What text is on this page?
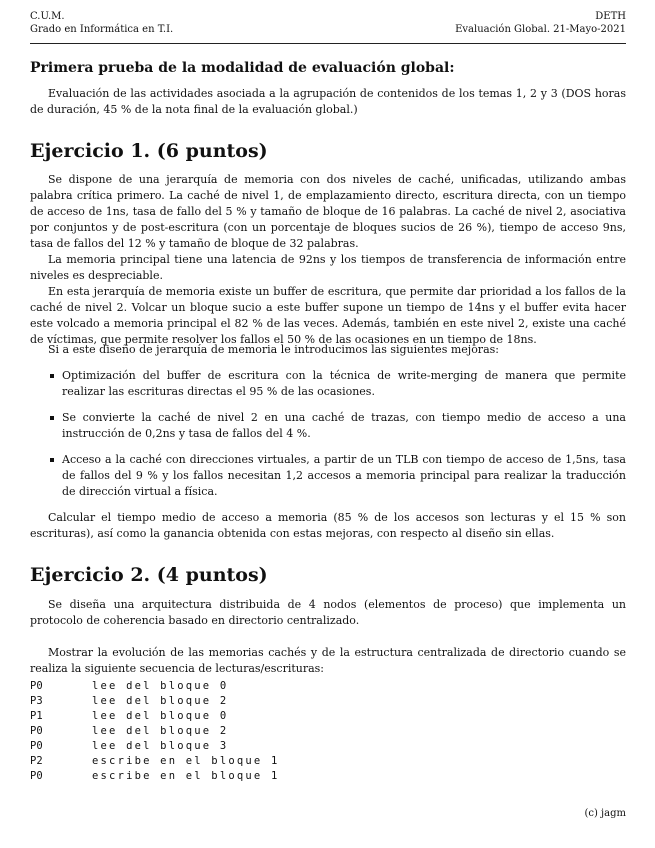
C.U.M.	DETH
Grado en Informática en T.I.	Evaluación Global. 21-Mayo-2021
Primera prueba de la modalidad de evaluación global:

Evaluación de las actividades asociada a la agrupación de contenidos de los temas 1, 2 y 3 (DOS horas de duración, 45 % de la nota final de la evaluación global.)

Ejercicio 1. (6 puntos)

Se dispone de una jerarquía de memoria con dos niveles de caché, unificadas, utilizando ambas palabra crítica primero. La caché de nivel 1, de emplazamiento directo, escritura directa, con un tiempo de acceso de 1ns, tasa de fallo del 5 % y tamaño de bloque de 16 palabras. La caché de nivel 2, asociativa por conjuntos y de post-escritura (con un porcentaje de bloques sucios de 26 %), tiempo de acceso 9ns, tasa de fallos del 12 % y tamaño de bloque de 32 palabras.

La memoria principal tiene una latencia de 92ns y los tiempos de transferencia de información entre niveles es despreciable.

En esta jerarquía de memoria existe un buffer de escritura, que permite dar prioridad a los fallos de la caché de nivel 2. Volcar un bloque sucio a este buffer supone un tiempo de 14ns y el buffer evita hacer este volcado a memoria principal el 82 % de las veces. Además, también en este nivel 2, existe una caché de víctimas, que permite resolver los fallos el 50 % de las ocasiones en un tiempo de 18ns.

Si a este diseño de jerarquía de memoria le introducimos las siguientes mejoras:

Optimización del buffer de escritura con la técnica de write-merging de manera que permite realizar las escrituras directas el 95 % de las ocasiones.
Se convierte la caché de nivel 2 en una caché de trazas, con tiempo medio de acceso a una instrucción de 0,2ns y tasa de fallos del 4 %.
Acceso a la caché con direcciones virtuales, a partir de un TLB con tiempo de acceso de 1,5ns, tasa de fallos del 9 % y los fallos necesitan 1,2 accesos a memoria principal para realizar la traducción de dirección virtual a física.

Calcular el tiempo medio de acceso a memoria (85 % de los accesos son lecturas y el 15 % son escrituras), así como la ganancia obtenida con estas mejoras, con respecto al diseño sin ellas.

Ejercicio 2. (4 puntos)

Se diseña una arquitectura distribuida de 4 nodos (elementos de proceso) que implementa un protocolo de coherencia basado en directorio centralizado.

Mostrar la evolución de las memorias cachés y de la estructura centralizada de directorio cuando se realiza la siguiente secuencia de lecturas/escrituras:

P0	lee del bloque 0
P3	lee del bloque 2
P1	lee del bloque 0
P0	lee del bloque 2
P0	lee del bloque 3
P2	escribe en el bloque 1
P0	escribe en el bloque 1
(c) jagm
